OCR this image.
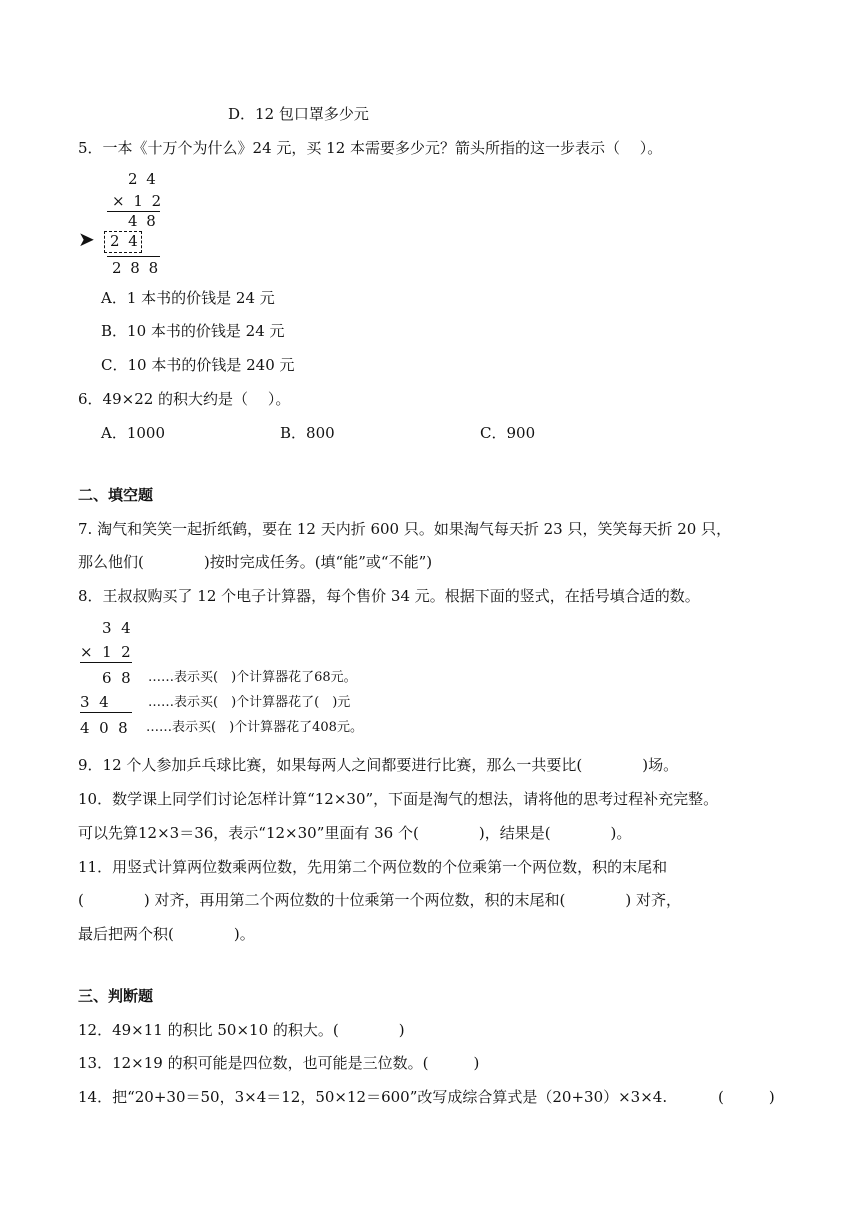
D．12 包口罩多少元
5．一本《十万个为什么》24 元，买 12 本需要多少元？箭头所指的这一步表示（　 ）。
2 4
× 1 2
4 8
➤ 2 4
2 8 8
A．1 本书的价钱是 24 元
B．10 本书的价钱是 24 元
C．10 本书的价钱是 240 元
6．49×22 的积大约是（　 ）。
A．1000	B．800	C．900
二、填空题
7. 淘气和笑笑一起折纸鹤，要在 12 天内折 600 只。如果淘气每天折 23 只，笑笑每天折 20 只，
那么他们(　　　　)按时完成任务。(填“能”或“不能”)
8．王叔叔购买了 12 个电子计算器，每个售价 34 元。根据下面的竖式，在括号填合适的数。
3  4
×  1  2
6  8
3  4
4  0  8
……表示买(　)个计算器花了68元。
……表示买(　)个计算器花了(　)元
……表示买(　)个计算器花了408元。
9．12 个人参加乒乓球比赛，如果每两人之间都要进行比赛，那么一共要比(　　　　)场。
10．数学课上同学们讨论怎样计算“12×30”，下面是淘气的想法，请将他的思考过程补充完整。
可以先算12×3＝36，表示“12×30”里面有 36 个(　　　　)，结果是(　　　　)。
11．用竖式计算两位数乘两位数，先用第二个两位数的个位乘第一个两位数，积的末尾和
(　　　　) 对齐，再用第二个两位数的十位乘第一个两位数，积的末尾和(　　　　) 对齐，
最后把两个积(　　　　)。
三、判断题
12．49×11 的积比 50×10 的积大。(　　　　)
13．12×19 的积可能是四位数，也可能是三位数。(　　　)
14．把“20+30＝50，3×4＝12，50×12＝600”改写成综合算式是（20+30）×3×4.	(　　　)
